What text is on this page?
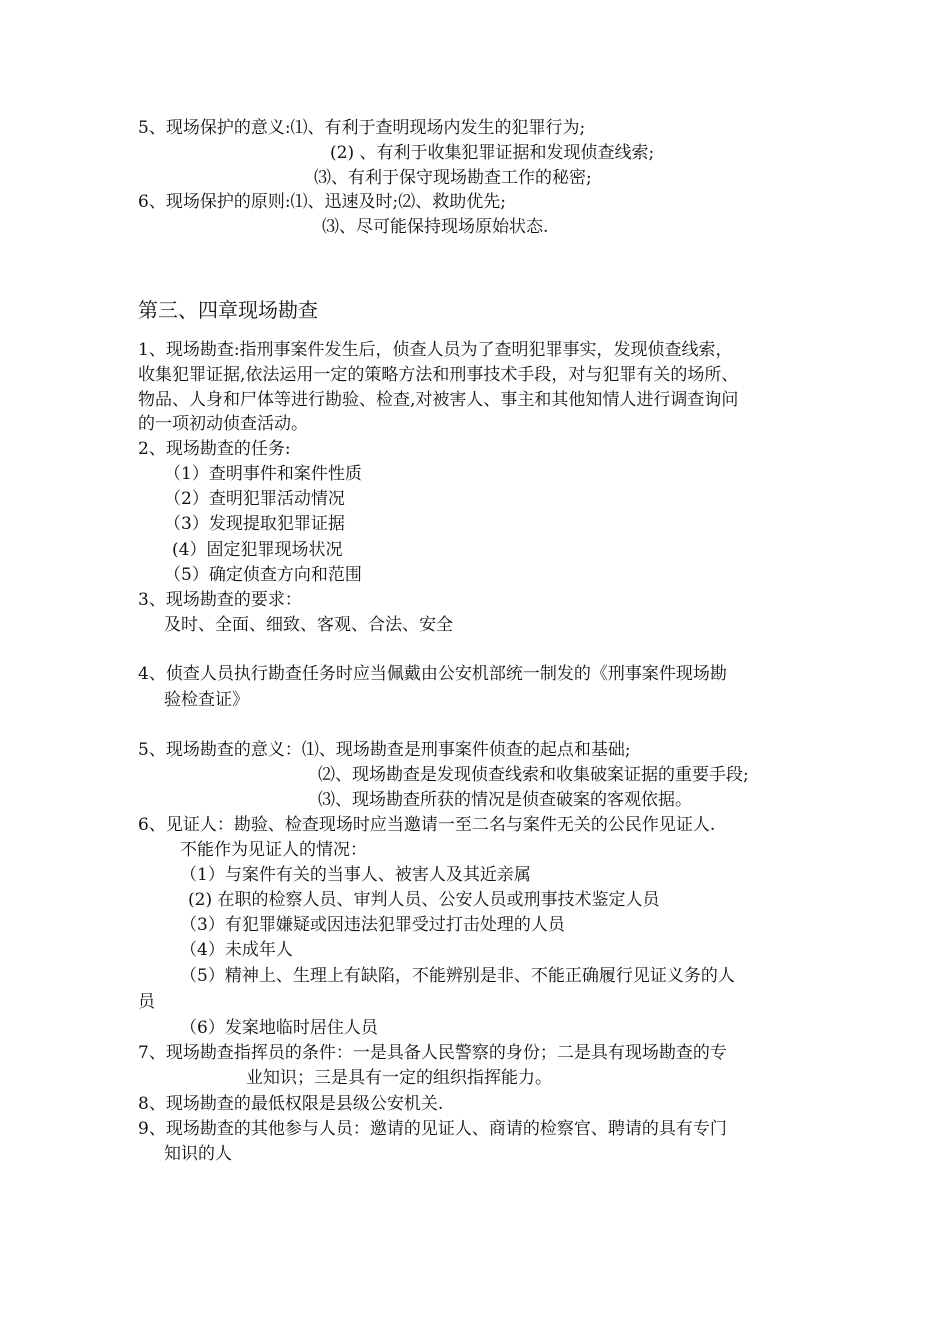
5、现场保护的意义:⑴、有利于查明现场内发生的犯罪行为;
(2) 、有利于收集犯罪证据和发现侦查线索;
⑶、有利于保守现场勘查工作的秘密;
6、现场保护的原则:⑴、迅速及时;⑵、救助优先;
⑶、尽可能保持现场原始状态.
第三、四章现场勘查
1、现场勘查:指刑事案件发生后，侦查人员为了查明犯罪事实，发现侦查线索，
收集犯罪证据,依法运用一定的策略方法和刑事技术手段，对与犯罪有关的场所、
物品、人身和尸体等进行勘验、检查,对被害人、事主和其他知情人进行调查询问
的一项初动侦查活动。
2、现场勘查的任务:
（1）查明事件和案件性质
（2）查明犯罪活动情况
（3）发现提取犯罪证据
(4）固定犯罪现场状况
（5）确定侦查方向和范围
3、现场勘查的要求：
及时、全面、细致、客观、合法、安全
4、侦查人员执行勘查任务时应当佩戴由公安机部统一制发的《刑事案件现场勘
验检查证》
5、现场勘查的意义：⑴、现场勘查是刑事案件侦查的起点和基础;
⑵、现场勘查是发现侦查线索和收集破案证据的重要手段;
⑶、现场勘查所获的情况是侦查破案的客观依据。
6、见证人：勘验、检查现场时应当邀请一至二名与案件无关的公民作见证人.
不能作为见证人的情况：
（1）与案件有关的当事人、被害人及其近亲属
(2) 在职的检察人员、审判人员、公安人员或刑事技术鉴定人员
（3）有犯罪嫌疑或因违法犯罪受过打击处理的人员
（4）未成年人
（5）精神上、生理上有缺陷，不能辨别是非、不能正确履行见证义务的人
员
（6）发案地临时居住人员
7、现场勘查指挥员的条件：一是具备人民警察的身份；二是具有现场勘查的专
业知识；三是具有一定的组织指挥能力。
8、现场勘查的最低权限是县级公安机关.
9、现场勘查的其他参与人员：邀请的见证人、商请的检察官、聘请的具有专门
知识的人
